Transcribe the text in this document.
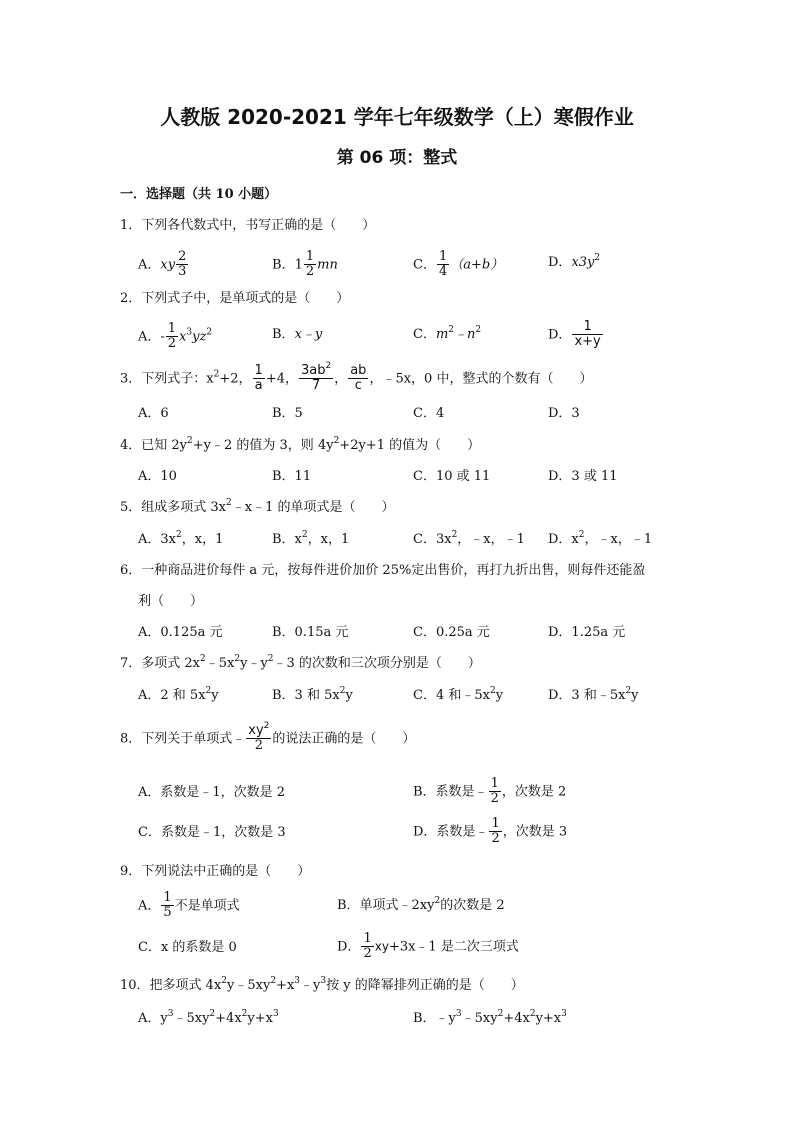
人教版 2020-2021 学年七年级数学（上）寒假作业
第 06 项：整式
一．选择题（共 10 小题）
1．下列各代数式中，书写正确的是（　　）
A．xy $\frac{2}{3}$	B．$1 \frac{1}{2}$ mn	C． $\frac{1}{4} (a+b)$	D．$x3y^2$
2．下列式子中，是单项式的是（　　）
A．- $\frac{1}{2} x^3yz^2$	B．x﹣y	C．$m^2﹣n^2$	D． $\frac{1}{x+y}$
3．下列式子：$x^2+2$， $\frac{1}{a} +4$， $\frac{3ab^2}{7}$ ， $\frac{ab}{c}$ ，﹣5x，0 中，整式的个数有（　　）
A．6	B．5	C．4	D．3
4．已知 $2y^2+y﹣2$ 的值为 3，则 $4y^2+2y+1$ 的值为（　　）
A．10	B．11	C．10 或 11	D．3 或 11
5．组成多项式 $3x^2﹣x﹣1$ 的单项式是（　　）
A．$3x^2$，x，1	B．$x^2$，x，1	C．$3x^2$，﹣x，﹣1 D．$x^2$，﹣x，﹣1
6．一种商品进价每件 a 元，按每件进价加价 25%定出售价，再打九折出售，则每件还能盈
利（　　）
A．0.125a 元	B．0.15a 元	C．0.25a 元	D．1.25a 元
7．多项式 $2x^2﹣5x^2y﹣y^2﹣3$ 的次数和三次项分别是（　　）
A．2 和 $5x^2y$	B．3 和 $5x^2y$	C．4 和$﹣5x^2y$	D．3 和$﹣5x^2y$
8．下列关于单项式﹣ $\frac{xy^2}{2}$ 的说法正确的是（　　）
A．系数是﹣1，次数是 2	B．系数是﹣ $\frac{1}{2}$ ，次数是 2
C．系数是﹣1，次数是 3	D．系数是﹣ $\frac{1}{2}$ ，次数是 3
9．下列说法中正确的是（　　）
A． $\frac{1}{5}$ 不是单项式	B．单项式$﹣2xy^2$的次数是 2
C．x 的系数是 0	D． $\frac{1}{2}$ xy+3x﹣1 是二次三项式
10．把多项式 $4x^2y﹣5xy^2+x^3﹣y^3$按 y 的降幂排列正确的是（　　）
A．$y^3﹣5xy^2+4x^2y+x^3$	B．$﹣y^3﹣5xy^2+4x^2y+x^3$
